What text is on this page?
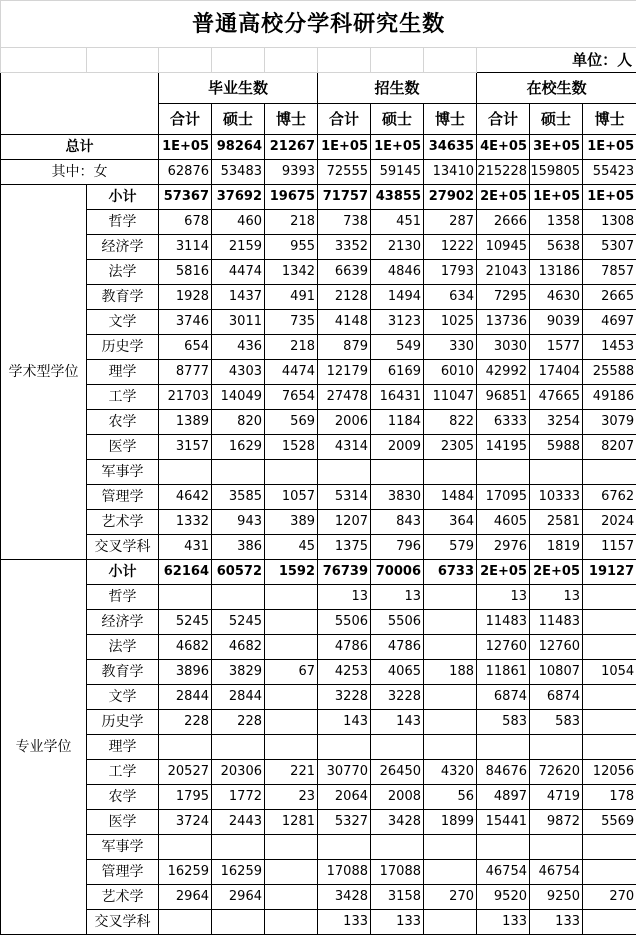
普通高校分学科研究生数										
								单位：人		
		毕业生数			招生数			在校生数		
		合计	硕士	博士	合计	硕士	博士	合计	硕士	博士
总计		1E+05	98264	21267	1E+05	1E+05	34635	4E+05	3E+05	1E+05
其中：女		62876	53483	9393	72555	59145	13410	215228	159805	55423
学术型学位	小计	57367	37692	19675	71757	43855	27902	2E+05	1E+05	1E+05
	哲学	678	460	218	738	451	287	2666	1358	1308
	经济学	3114	2159	955	3352	2130	1222	10945	5638	5307
	法学	5816	4474	1342	6639	4846	1793	21043	13186	7857
	教育学	1928	1437	491	2128	1494	634	7295	4630	2665
	文学	3746	3011	735	4148	3123	1025	13736	9039	4697
	历史学	654	436	218	879	549	330	3030	1577	1453
	理学	8777	4303	4474	12179	6169	6010	42992	17404	25588
	工学	21703	14049	7654	27478	16431	11047	96851	47665	49186
	农学	1389	820	569	2006	1184	822	6333	3254	3079
	医学	3157	1629	1528	4314	2009	2305	14195	5988	8207
	军事学									
	管理学	4642	3585	1057	5314	3830	1484	17095	10333	6762
	艺术学	1332	943	389	1207	843	364	4605	2581	2024
	交叉学科	431	386	45	1375	796	579	2976	1819	1157
专业学位	小计	62164	60572	1592	76739	70006	6733	2E+05	2E+05	19127
	哲学				13	13		13	13	
	经济学	5245	5245		5506	5506		11483	11483	
	法学	4682	4682		4786	4786		12760	12760	
	教育学	3896	3829	67	4253	4065	188	11861	10807	1054
	文学	2844	2844		3228	3228		6874	6874	
	历史学	228	228		143	143		583	583	
	理学									
	工学	20527	20306	221	30770	26450	4320	84676	72620	12056
	农学	1795	1772	23	2064	2008	56	4897	4719	178
	医学	3724	2443	1281	5327	3428	1899	15441	9872	5569
	军事学									
	管理学	16259	16259		17088	17088		46754	46754	
	艺术学	2964	2964		3428	3158	270	9520	9250	270
	交叉学科				133	133		133	133	
